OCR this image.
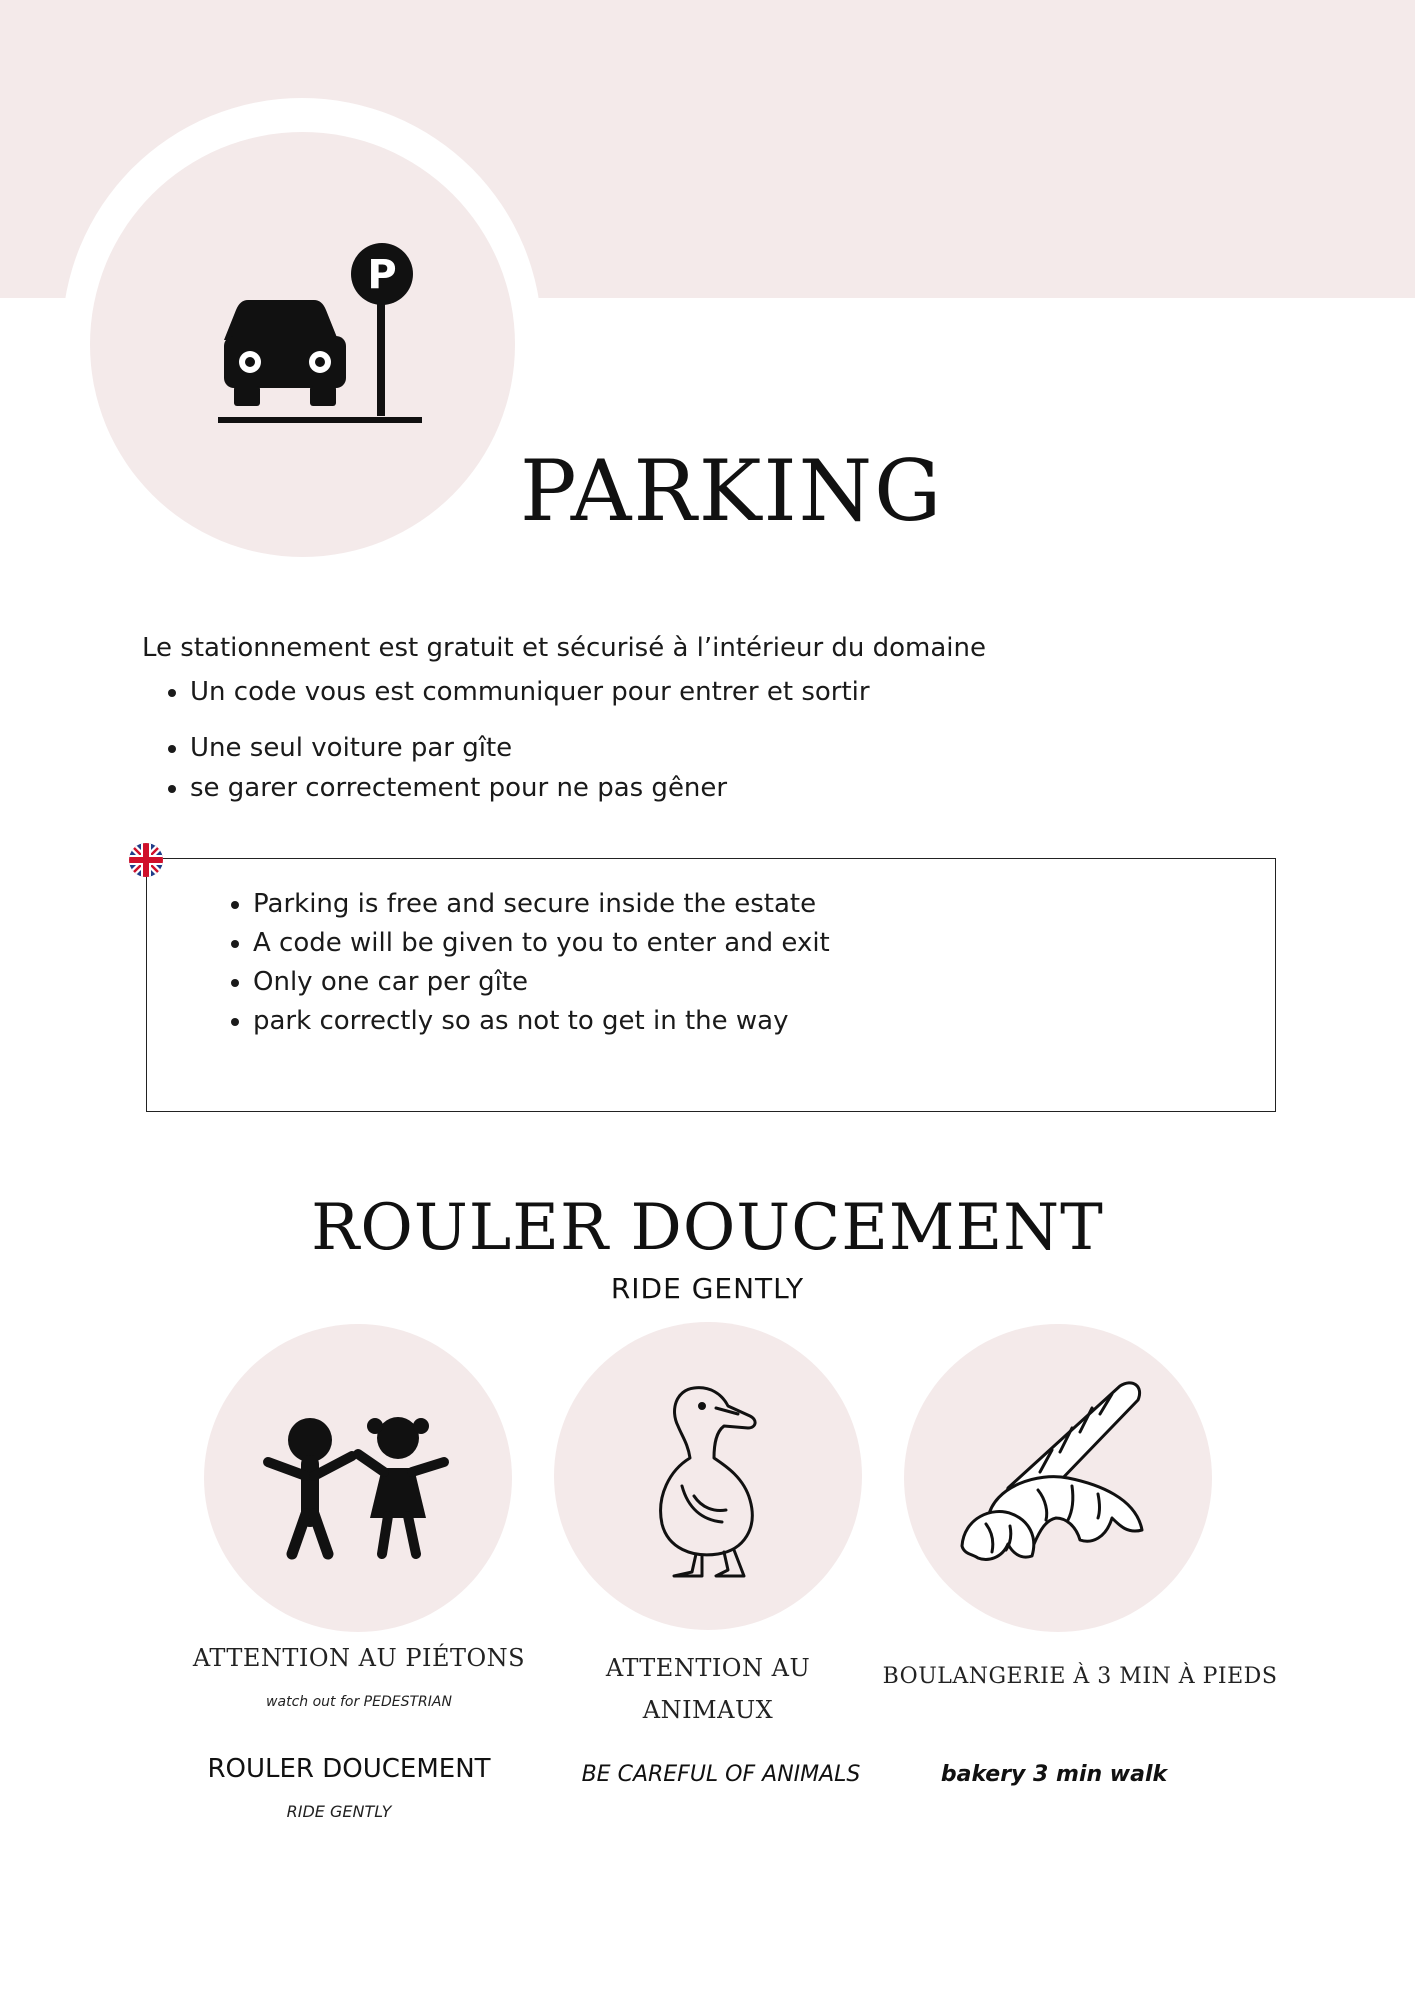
P
PARKING

Le stationnement est gratuit et sécurisé à l’intérieur du domaine

• Un code vous est communiquer pour entrer et sortir
• Une seul voiture par gîte
• se garer correctement pour ne pas gêner
• Parking is free and secure inside the estate
• A code will be given to you to enter and exit
• Only one car per gîte
• park correctly so as not to get in the way
ROULER DOUCEMENT
RIDE GENTLY
ATTENTION AU PIÉTONS
watch out for PEDESTRIAN
ROULER DOUCEMENT
RIDE GENTLY
ATTENTION AU
ANIMAUX
BE CAREFUL OF ANIMALS
BOULANGERIE À 3 MIN À PIEDS
bakery 3 min walk
